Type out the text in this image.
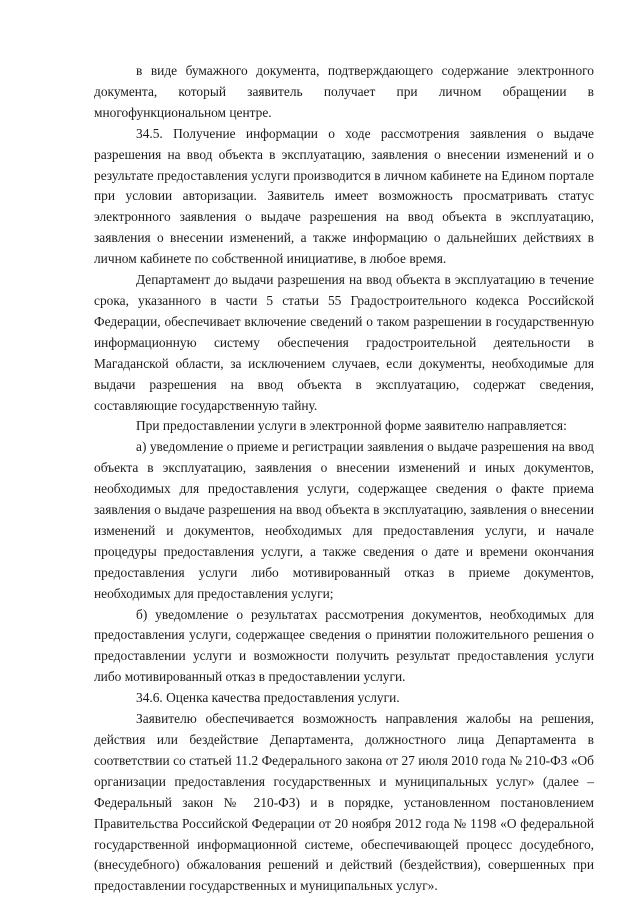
в виде бумажного документа, подтверждающего содержание электронного документа, который заявитель получает при личном обращении в многофункциональном центре.

34.5. Получение информации о ходе рассмотрения заявления о выдаче разрешения на ввод объекта в эксплуатацию, заявления о внесении изменений и о результате предоставления услуги производится в личном кабинете на Едином портале при условии авторизации. Заявитель имеет возможность просматривать статус электронного заявления о выдаче разрешения на ввод объекта в эксплуатацию, заявления о внесении изменений, а также информацию о дальнейших действиях в личном кабинете по собственной инициативе, в любое время.

Департамент до выдачи разрешения на ввод объекта в эксплуатацию в течение срока, указанного в части 5 статьи 55 Градостроительного кодекса Российской Федерации, обеспечивает включение сведений о таком разрешении в государственную информационную систему обеспечения градостроительной деятельности в Магаданской области, за исключением случаев, если документы, необходимые для выдачи разрешения на ввод объекта в эксплуатацию, содержат сведения, составляющие государственную тайну.

При предоставлении услуги в электронной форме заявителю направляется:

а) уведомление о приеме и регистрации заявления о выдаче разрешения на ввод объекта в эксплуатацию, заявления о внесении изменений и иных документов, необходимых для предоставления услуги, содержащее сведения о факте приема заявления о выдаче разрешения на ввод объекта в эксплуатацию, заявления о внесении изменений и документов, необходимых для предоставления услуги, и начале процедуры предоставления услуги, а также сведения о дате и времени окончания предоставления услуги либо мотивированный отказ в приеме документов, необходимых для предоставления услуги;

б) уведомление о результатах рассмотрения документов, необходимых для предоставления услуги, содержащее сведения о принятии положительного решения о предоставлении услуги и возможности получить результат предоставления услуги либо мотивированный отказ в предоставлении услуги.

34.6. Оценка качества предоставления услуги.

Заявителю обеспечивается возможность направления жалобы на решения, действия или бездействие Департамента, должностного лица Департамента в соответствии со статьей 11.2 Федерального закона от 27 июля 2010 года № 210-ФЗ «Об организации предоставления государственных и муниципальных услуг» (далее – Федеральный закон № 210-ФЗ) и в порядке, установленном постановлением Правительства Российской Федерации от 20 ноября 2012 года № 1198 «О федеральной государственной информационной системе, обеспечивающей процесс досудебного, (внесудебного) обжалования решений и действий (бездействия), совершенных при предоставлении государственных и муниципальных услуг».
